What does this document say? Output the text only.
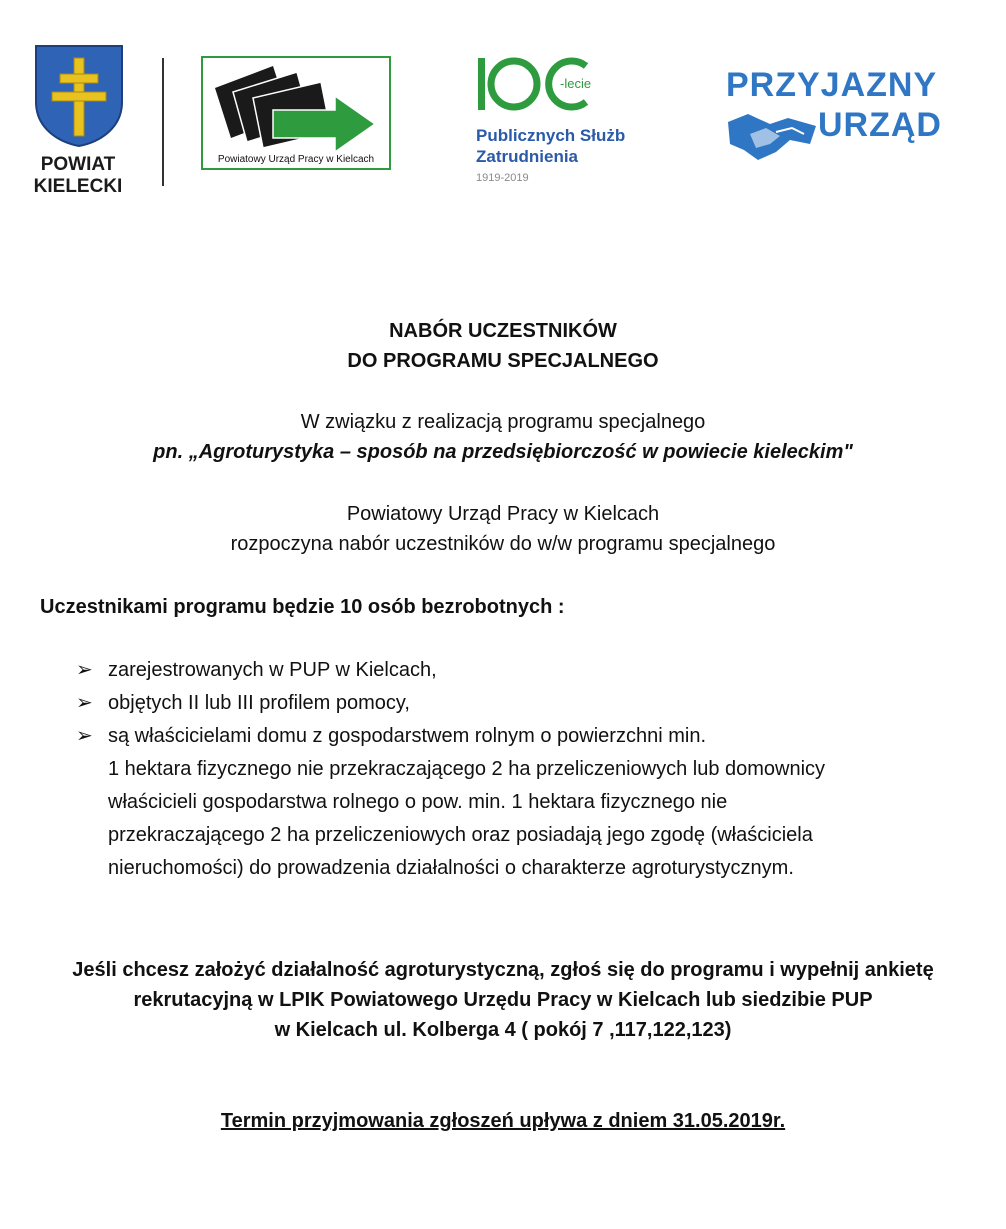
POWIAT
KIELECKI
Powiatowy Urząd Pracy w Kielcach
-lecie
Publicznych Służb
Zatrudnienia
1919-2019
PRZYJAZNY
URZĄD
NABÓR UCZESTNIKÓW
DO PROGRAMU SPECJALNEGO
W związku z realizacją programu specjalnego
pn. „Agroturystyka – sposób na przedsiębiorczość w powiecie kieleckim"
Powiatowy Urząd Pracy w Kielcach
rozpoczyna nabór uczestników do w/w programu specjalnego
Uczestnikami programu będzie 10 osób bezrobotnych :
➢ zarejestrowanych w PUP w Kielcach,
➢ objętych II lub III profilem pomocy,
➢ są właścicielami domu z gospodarstwem rolnym o powierzchni min.
1 hektara fizycznego nie przekraczającego 2 ha przeliczeniowych lub domownicy
właścicieli gospodarstwa rolnego o pow. min. 1 hektara fizycznego nie
przekraczającego 2 ha przeliczeniowych oraz posiadają jego zgodę (właściciela
nieruchomości) do prowadzenia działalności o charakterze agroturystycznym.
Jeśli chcesz założyć działalność agroturystyczną, zgłoś się do programu i wypełnij ankietę
rekrutacyjną w LPIK Powiatowego Urzędu Pracy w Kielcach lub siedzibie PUP
w Kielcach ul. Kolberga 4 ( pokój 7 ,117,122,123)
Termin przyjmowania zgłoszeń upływa z dniem 31.05.2019r.
